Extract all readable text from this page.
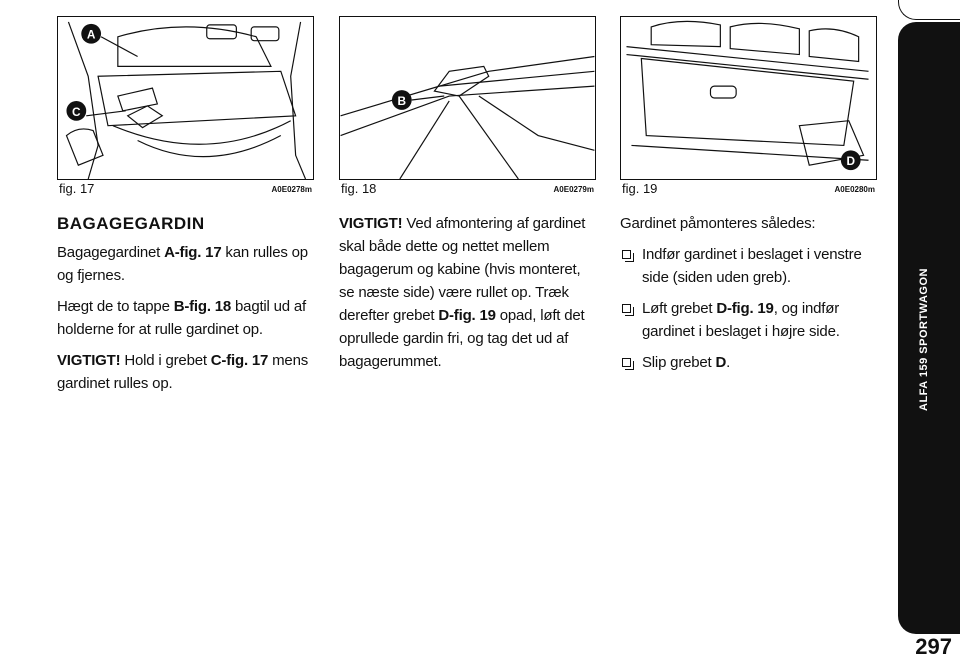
A
C
fig. 17	A0E0278m
B
fig. 18	A0E0279m
D
fig. 19	A0E0280m
BAGAGEGARDIN

Bagagegardinet A-fig. 17 kan rulles op og fjernes.

Hægt de to tappe B-fig. 18 bagtil ud af holderne for at rulle gardinet op.

VIGTIGT! Hold i grebet C-fig. 17 mens gardinet rulles op.

VIGTIGT! Ved afmontering af gardinet skal både dette og nettet mellem bagagerum og kabine (hvis monteret, se næste side) være rullet op. Træk derefter grebet D-fig. 19 opad, løft det oprullede gardin fri, og tag det ud af bagagerummet.

Gardinet påmonteres således:

Indfør gardinet i beslaget i venstre side (siden uden greb).
Løft grebet D-fig. 19, og indfør gardinet i beslaget i højre side.
Slip grebet D.	ALFA 159 SPORTWAGON
297
